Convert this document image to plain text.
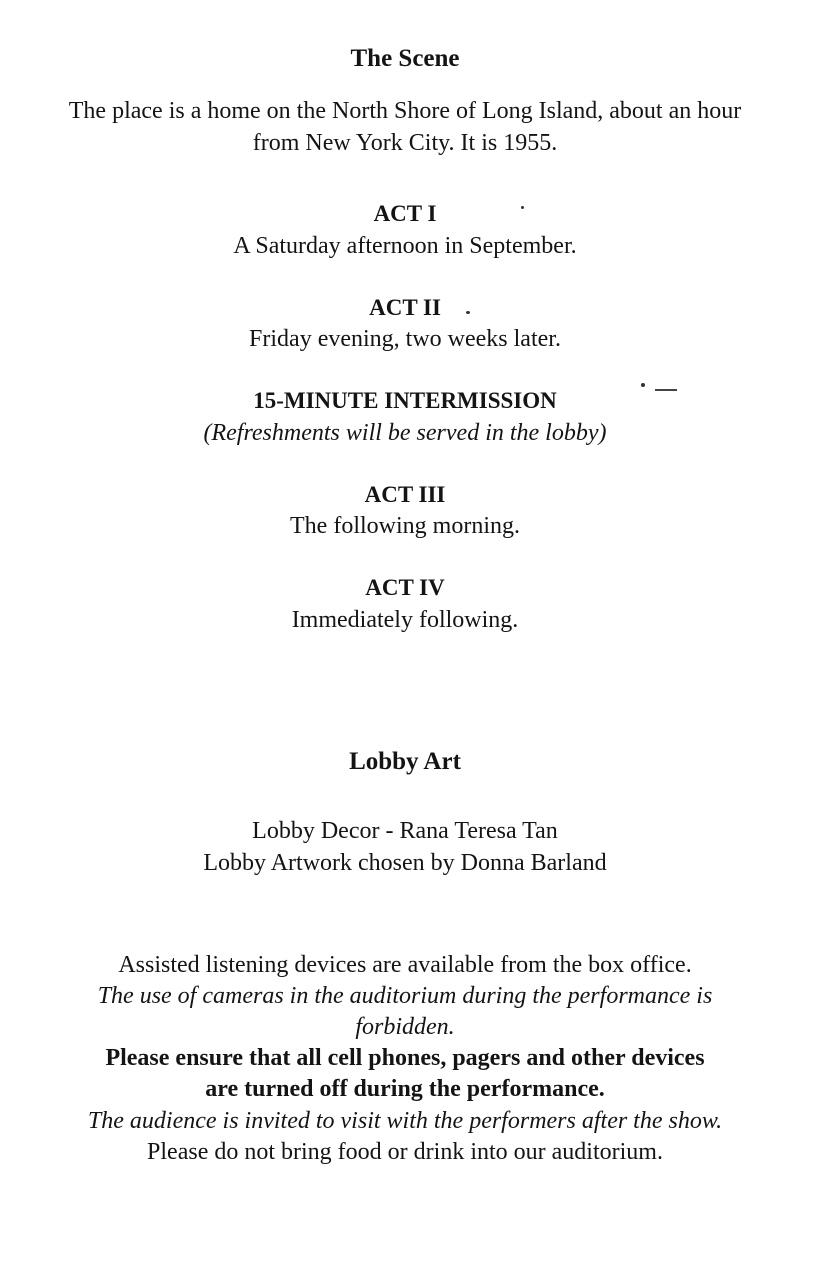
The Scene
The place is a home on the North Shore of Long Island, about an hour
from New York City. It is 1955.
ACT I
A Saturday afternoon in September.
ACT II
Friday evening, two weeks later.
15-MINUTE INTERMISSION
(Refreshments will be served in the lobby)
ACT III
The following morning.
ACT IV
Immediately following.
Lobby Art
Lobby Decor - Rana Teresa Tan
Lobby Artwork chosen by Donna Barland
Assisted listening devices are available from the box office.
The use of cameras in the auditorium during the performance is
forbidden.
Please ensure that all cell phones, pagers and other devices
are turned off during the performance.
The audience is invited to visit with the performers after the show.
Please do not bring food or drink into our auditorium.
